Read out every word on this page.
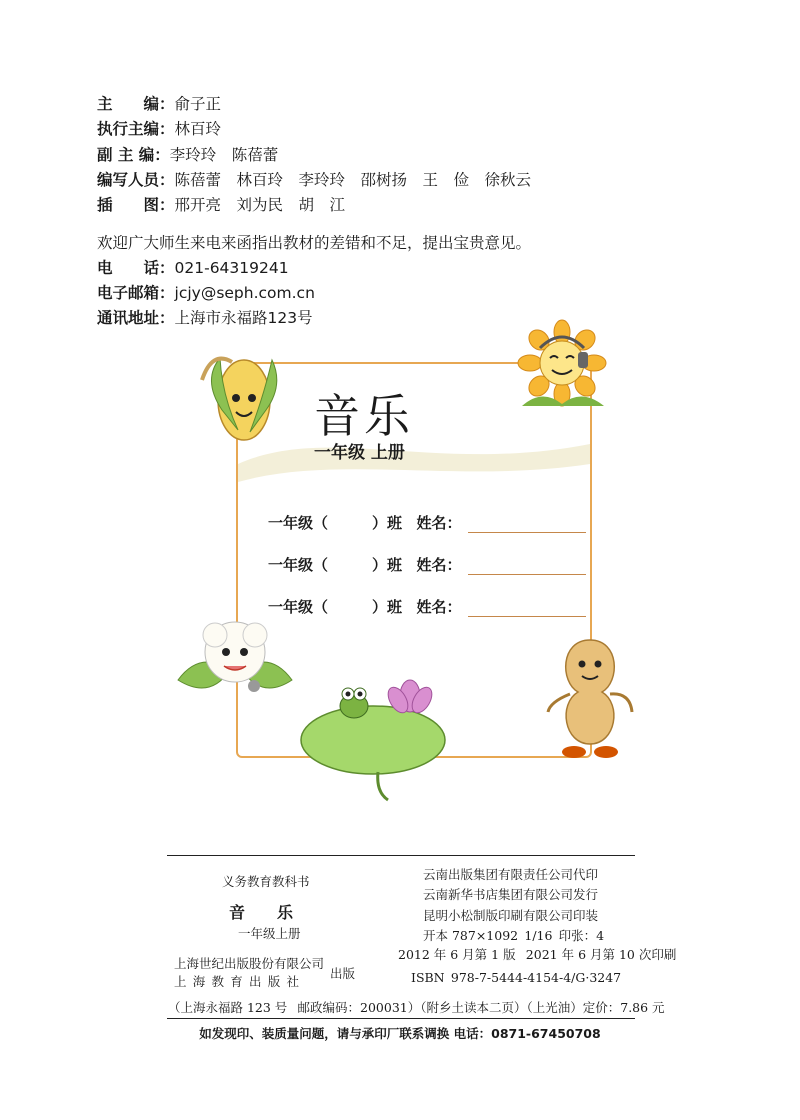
主　　编：俞子正
执行主编：林百玲
副 主 编：李玲玲　陈蓓蕾
编写人员：陈蓓蕾　林百玲　李玲玲　邵树扬　王　俭　徐秋云
插　　图：邢开亮　刘为民　胡　江
欢迎广大师生来电来函指出教材的差错和不足，提出宝贵意见。
电　　话：021-64319241
电子邮箱：jcjy@seph.com.cn
通讯地址：上海市永福路123号
音乐
一年级 上册
一年级（	）班 姓名：
一年级（	）班 姓名：
一年级（	）班 姓名：
义务教育教科书
音　　乐
一年级上册
上海世纪出版股份有限公司
上 海 教 育 出 版 社
出版
云南出版集团有限责任公司代印
云南新华书店集团有限公司发行
昆明小松制版印刷有限公司印装
开本 787×1092 1/16 印张：4
2012 年 6 月第 1 版  2021 年 6 月第 10 次印刷
ISBN 978-7-5444-4154-4/G·3247
（上海永福路 123 号  邮政编码：200031）（附乡土读本二页）（上光油）定价：7.86 元
如发现印、装质量问题，请与承印厂联系调换 电话：0871-67450708
